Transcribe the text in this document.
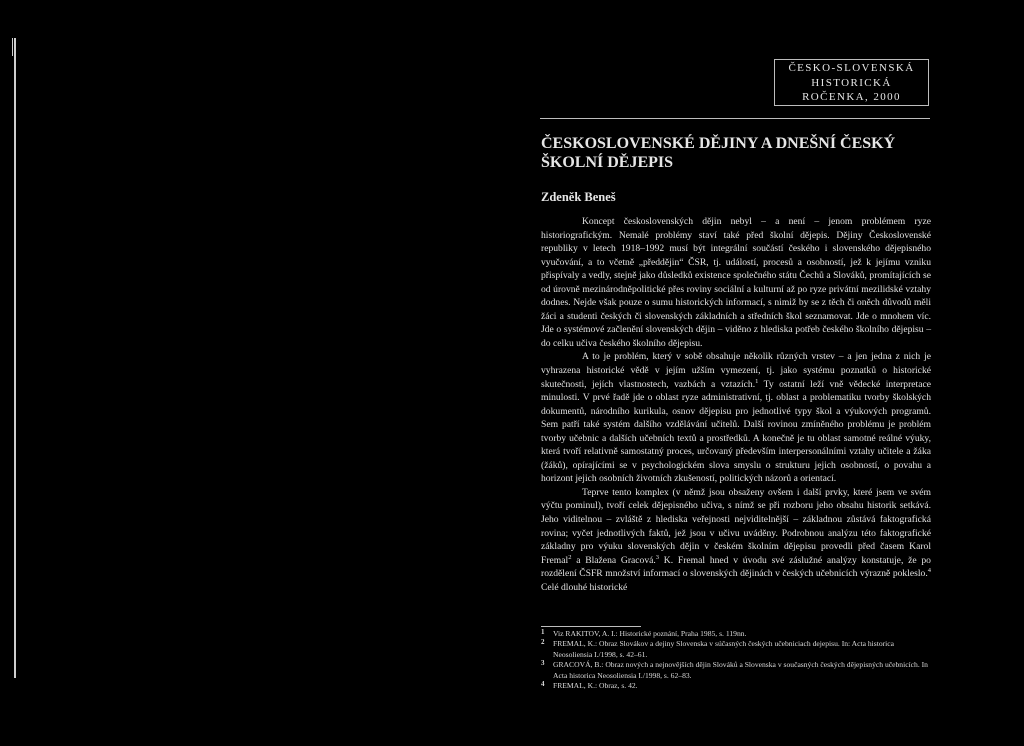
ČESKO-SLOVENSKÁ
HISTORICKÁ
ROČENKA, 2000
ČESKOSLOVENSKÉ DĚJINY A DNEŠNÍ ČESKÝ ŠKOLNÍ DĚJEPIS
Zdeněk Beneš

Koncept československých dějin nebyl – a není – jenom problémem ryze historiografickým. Nemalé problémy staví také před školní dějepis. Dějiny Československé republiky v letech 1918–1992 musí být integrální součástí českého i slovenského dějepisného vyučování, a to včetně „předdějin“ ČSR, tj. událostí, procesů a osobností, jež k jejímu vzniku přispívaly a vedly, stejně jako důsledků existence společného státu Čechů a Slováků, promítajících se od úrovně mezinárodněpolitické přes roviny sociální a kulturní až po ryze privátní mezilidské vztahy dodnes. Nejde však pouze o sumu historických informací, s nimiž by se z těch či oněch důvodů měli žáci a studenti českých či slovenských základních a středních škol seznamovat. Jde o mnohem víc. Jde o systémové začlenění slovenských dějin – viděno z hlediska potřeb českého školního dějepisu – do celku učiva českého školního dějepisu.

A to je problém, který v sobě obsahuje několik různých vrstev – a jen jedna z nich je vyhrazena historické vědě v jejím užším vymezení, tj. jako systému poznatků o historické skutečnosti, jejích vlastnostech, vazbách a vztazích.$^1$ Ty ostatní leží vně vědecké interpretace minulosti. V prvé řadě jde o oblast ryze administrativní, tj. oblast a problematiku tvorby školských dokumentů, národního kurikula, osnov dějepisu pro jednotlivé typy škol a výukových programů. Sem patří také systém dalšího vzdělávání učitelů. Další rovinou zmíněného problému je problém tvorby učebnic a dalších učebních textů a prostředků. A konečně je tu oblast samotné reálné výuky, která tvoří relativně samostatný proces, určovaný především interpersonálními vztahy učitele a žáka (žáků), opírajícími se v psychologickém slova smyslu o strukturu jejich osobností, o povahu a horizont jejich osobních životních zkušeností, politických názorů a orientací.

Teprve tento komplex (v němž jsou obsaženy ovšem i další prvky, které jsem ve svém výčtu pominul), tvoří celek dějepisného učiva, s nímž se při rozboru jeho obsahu historik setkává. Jeho viditelnou – zvláště z hlediska veřejnosti nejviditelnější – základnou zůstává faktografická rovina; vyčet jednotlivých faktů, jež jsou v učivu uváděny. Podrobnou analýzu této faktografické základny pro výuku slovenských dějin v českém školním dějepisu provedli před časem Karol Fremal$^2$ a Blažena Gracová.$^3$ K. Fremal hned v úvodu své záslužné analýzy konstatuje, že po rozdělení ČSFR množství informací o slovenských dějinách v českých učebnicích výrazně pokleslo.$^4$ Celé dlouhé historické

1 Viz RAKITOV, A. I.: Historické poznání, Praha 1985, s. 119nn.
2 FREMAL, K.: Obraz Slovákov a dejiny Slovenska v súčasných českých učebniciach dejepisu. In: Acta historica Neosoliensia I./1998, s. 42–61.
3 GRACOVÁ, B.: Obraz nových a nejnovějších dějin Slováků a Slovenska v současných českých dějepisných učebnicích. In Acta historica Neosoliensia I./1998, s. 62–83.
4 FREMAL, K.: Obraz, s. 42.
